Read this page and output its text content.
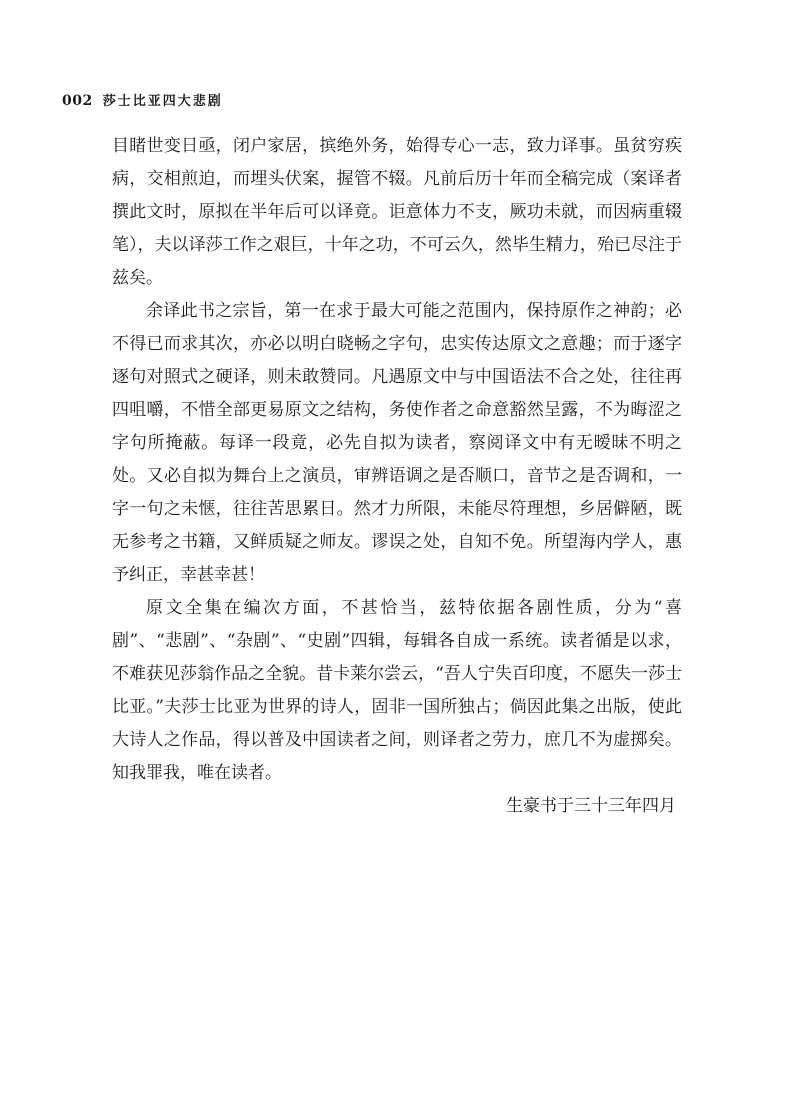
002 莎士比亚四大悲剧

目睹世变日亟，闭户家居，摈绝外务，始得专心一志，致力译事。虽贫穷疾病，交相煎迫，而埋头伏案，握管不辍。凡前后历十年而全稿完成（案译者撰此文时，原拟在半年后可以译竟。讵意体力不支，厥功未就，而因病重辍笔），夫以译莎工作之艰巨，十年之功，不可云久，然毕生精力，殆已尽注于兹矣。

余译此书之宗旨，第一在求于最大可能之范围内，保持原作之神韵；必不得已而求其次，亦必以明白晓畅之字句，忠实传达原文之意趣；而于逐字逐句对照式之硬译，则未敢赞同。凡遇原文中与中国语法不合之处，往往再四咀嚼，不惜全部更易原文之结构，务使作者之命意豁然呈露，不为晦涩之字句所掩蔽。每译一段竟，必先自拟为读者，察阅译文中有无暧昧不明之处。又必自拟为舞台上之演员，审辨语调之是否顺口，音节之是否调和，一字一句之未惬，往往苦思累日。然才力所限，未能尽符理想，乡居僻陋，既无参考之书籍，又鲜质疑之师友。谬误之处，自知不免。所望海内学人，惠予纠正，幸甚幸甚！

原文全集在编次方面，不甚恰当，兹特依据各剧性质，分为“喜剧”、“悲剧”、“杂剧”、“史剧”四辑，每辑各自成一系统。读者循是以求，不难获见莎翁作品之全貌。昔卡莱尔尝云，“吾人宁失百印度，不愿失一莎士比亚。”夫莎士比亚为世界的诗人，固非一国所独占；倘因此集之出版，使此大诗人之作品，得以普及中国读者之间，则译者之劳力，庶几不为虚掷矣。知我罪我，唯在读者。

生豪书于三十三年四月
